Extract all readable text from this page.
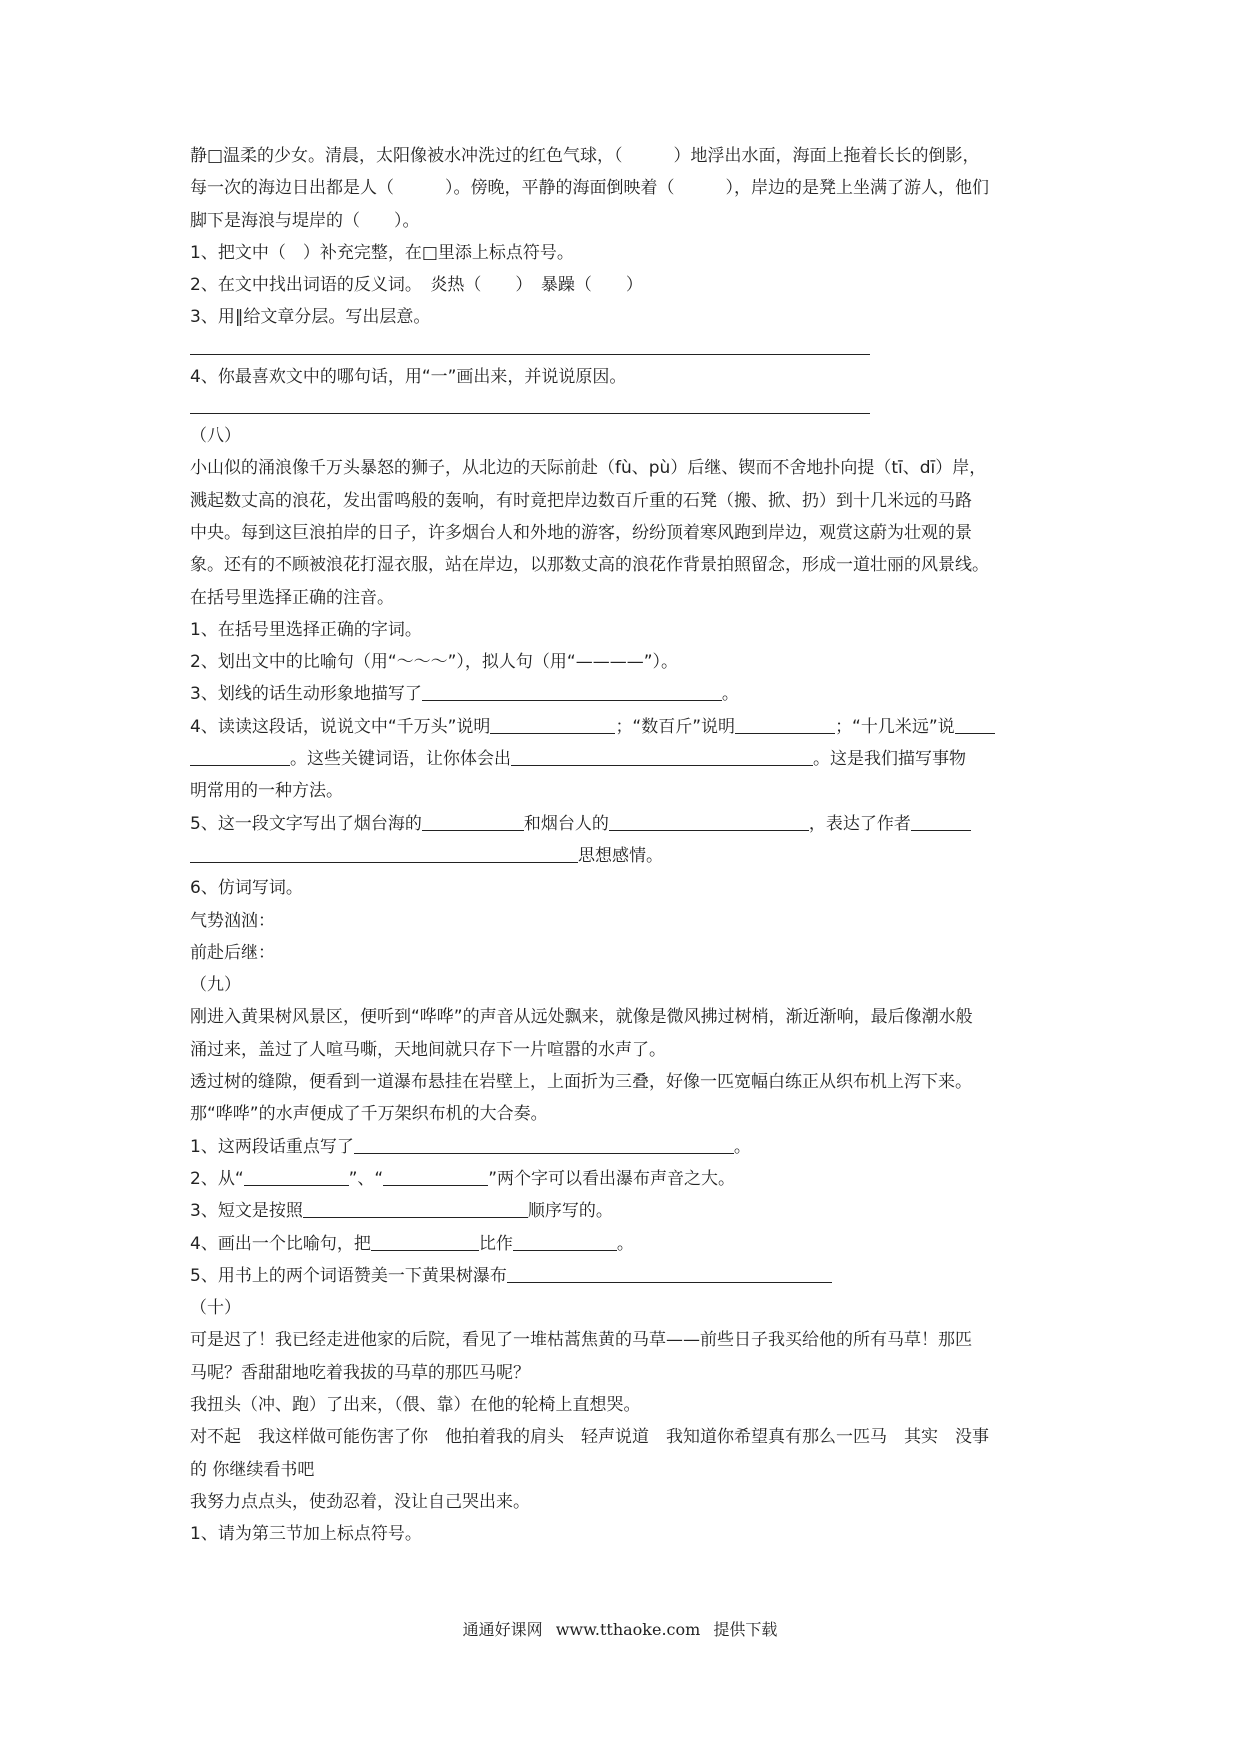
静□温柔的少女。清晨，太阳像被水冲洗过的红色气球，（　　　）地浮出水面，海面上拖着长长的倒影，
每一次的海边日出都是人（　　　）。傍晚，平静的海面倒映着（　　　），岸边的是凳上坐满了游人，他们
脚下是海浪与堤岸的（　　）。
1、把文中（　）补充完整，在□里添上标点符号。
2、在文中找出词语的反义词。　炎热（　　）　暴躁（　　）
3、用‖给文章分层。写出层意。
4、你最喜欢文中的哪句话，用“一”画出来，并说说原因。
（八）
小山似的涌浪像千万头暴怒的狮子，从北边的天际前赴（fù、pù）后继、锲而不舍地扑向提（tī、dī）岸，
溅起数丈高的浪花，发出雷鸣般的轰响，有时竟把岸边数百斤重的石凳（搬、掀、扔）到十几米远的马路
中央。每到这巨浪拍岸的日子，许多烟台人和外地的游客，纷纷顶着寒风跑到岸边，观赏这蔚为壮观的景
象。还有的不顾被浪花打湿衣服，站在岸边，以那数丈高的浪花作背景拍照留念，形成一道壮丽的风景线。
在括号里选择正确的注音。
1、在括号里选择正确的字词。
2、划出文中的比喻句（用“～～～”），拟人句（用“————”）。
3、划线的话生动形象地描写了	。
4、读读这段话，说说文中“千万头”说明	；“数百斤”说明	；“十几米远”说
。这些关键词语，让你体会出	。这是我们描写事物
明常用的一种方法。
5、这一段文字写出了烟台海的	和烟台人的	，表达了作者
思想感情。
6、仿词写词。
气势汹汹：
前赴后继：
（九）
刚进入黄果树风景区，便听到“哗哗”的声音从远处飘来，就像是微风拂过树梢，渐近渐响，最后像潮水般
涌过来，盖过了人喧马嘶，天地间就只存下一片喧嚣的水声了。
透过树的缝隙，便看到一道瀑布悬挂在岩壁上，上面折为三叠，好像一匹宽幅白练正从织布机上泻下来。
那“哗哗”的水声便成了千万架织布机的大合奏。
1、这两段话重点写了	。
2、从“	”、“	”两个字可以看出瀑布声音之大。
3、短文是按照	顺序写的。
4、画出一个比喻句，把	比作	。
5、用书上的两个词语赞美一下黄果树瀑布
（十）
可是迟了！我已经走进他家的后院，看见了一堆枯蒿焦黄的马草——前些日子我买给他的所有马草！那匹
马呢？香甜甜地吃着我拔的马草的那匹马呢？
我扭头（冲、跑）了出来，（偎、靠）在他的轮椅上直想哭。
对不起　我这样做可能伤害了你　他拍着我的肩头　轻声说道　我知道你希望真有那么一匹马　其实　没事
的 你继续看书吧
我努力点点头，使劲忍着，没让自己哭出来。
1、请为第三节加上标点符号。
通通好课网 www.tthaoke.com 提供下载
